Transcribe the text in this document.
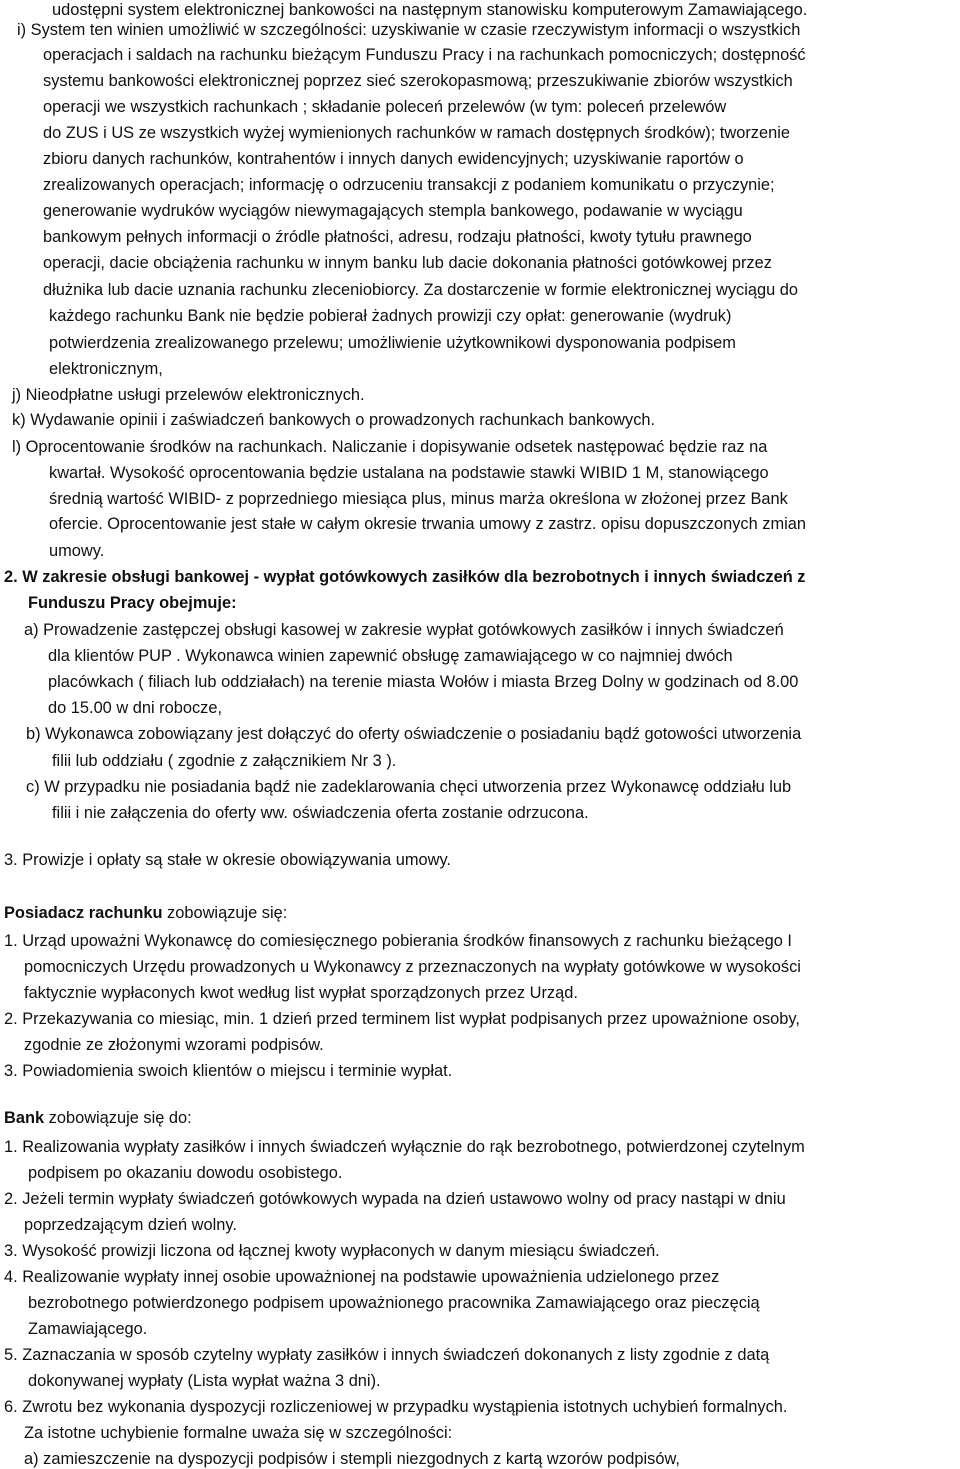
udostępni system elektronicznej bankowości na następnym stanowisku komputerowym Zamawiającego.
i) System ten winien umożliwić w szczególności: uzyskiwanie w czasie rzeczywistym informacji o wszystkich
operacjach i saldach na rachunku bieżącym Funduszu Pracy i na rachunkach pomocniczych; dostępność
systemu bankowości elektronicznej poprzez sieć szerokopasmową; przeszukiwanie zbiorów wszystkich
operacji we wszystkich rachunkach ; składanie poleceń przelewów (w tym: poleceń przelewów
do ZUS i US ze wszystkich wyżej wymienionych rachunków w ramach dostępnych środków); tworzenie
zbioru danych rachunków, kontrahentów i innych danych ewidencyjnych; uzyskiwanie raportów o
zrealizowanych operacjach; informację o odrzuceniu transakcji z podaniem komunikatu o przyczynie;
generowanie wydruków wyciągów niewymagających stempla bankowego, podawanie w wyciągu
bankowym pełnych informacji o źródle płatności, adresu, rodzaju płatności, kwoty tytułu prawnego
operacji, dacie obciążenia rachunku w innym banku lub dacie dokonania płatności gotówkowej przez
dłużnika lub dacie uznania rachunku zleceniobiorcy. Za dostarczenie w formie elektronicznej wyciągu do
każdego rachunku Bank nie będzie pobierał żadnych prowizji czy opłat: generowanie (wydruk)
potwierdzenia zrealizowanego przelewu; umożliwienie użytkownikowi dysponowania podpisem
elektronicznym,
j) Nieodpłatne usługi przelewów elektronicznych.
k) Wydawanie opinii i zaświadczeń bankowych o prowadzonych rachunkach bankowych.
l) Oprocentowanie środków na rachunkach. Naliczanie i dopisywanie odsetek następować będzie raz na
kwartał. Wysokość oprocentowania będzie ustalana na podstawie stawki WIBID 1 M, stanowiącego
średnią wartość WIBID- z poprzedniego miesiąca plus, minus marża określona w złożonej przez Bank
ofercie. Oprocentowanie jest stałe w całym okresie trwania umowy z zastrz. opisu dopuszczonych zmian
umowy.
2. W zakresie obsługi bankowej - wypłat gotówkowych zasiłków dla bezrobotnych i innych świadczeń z
Funduszu Pracy obejmuje:
a) Prowadzenie zastępczej obsługi kasowej w zakresie wypłat gotówkowych zasiłków i innych świadczeń
dla klientów PUP . Wykonawca winien zapewnić obsługę zamawiającego w co najmniej dwóch
placówkach ( filiach lub oddziałach) na terenie miasta Wołów i miasta Brzeg Dolny w godzinach od 8.00
do 15.00 w dni robocze,
b) Wykonawca zobowiązany jest dołączyć do oferty oświadczenie o posiadaniu bądź gotowości utworzenia
filii lub oddziału ( zgodnie z załącznikiem Nr 3 ).
c) W przypadku nie posiadania bądź nie zadeklarowania chęci utworzenia przez Wykonawcę oddziału lub
filii i nie załączenia do oferty ww. oświadczenia oferta zostanie odrzucona.
3. Prowizje i opłaty są stałe w okresie obowiązywania umowy.
Posiadacz rachunku zobowiązuje się:
1. Urząd upoważni Wykonawcę do comiesięcznego pobierania środków finansowych z rachunku bieżącego I
pomocniczych Urzędu prowadzonych u Wykonawcy z przeznaczonych na wypłaty gotówkowe w wysokości
faktycznie wypłaconych kwot według list wypłat sporządzonych przez Urząd.
2. Przekazywania co miesiąc, min. 1 dzień przed terminem list wypłat podpisanych przez upoważnione osoby,
zgodnie ze złożonymi wzorami podpisów.
3. Powiadomienia swoich klientów o miejscu i terminie wypłat.
Bank zobowiązuje się do:
1. Realizowania wypłaty zasiłków i innych świadczeń wyłącznie do rąk bezrobotnego, potwierdzonej czytelnym
podpisem po okazaniu dowodu osobistego.
2. Jeżeli termin wypłaty świadczeń gotówkowych wypada na dzień ustawowo wolny od pracy nastąpi w dniu
poprzedzającym dzień wolny.
3. Wysokość prowizji liczona od łącznej kwoty wypłaconych w danym miesiącu świadczeń.
4. Realizowanie wypłaty innej osobie upoważnionej na podstawie upoważnienia udzielonego przez
bezrobotnego potwierdzonego podpisem upoważnionego pracownika Zamawiającego oraz pieczęcią
Zamawiającego.
5. Zaznaczania w sposób czytelny wypłaty zasiłków i innych świadczeń dokonanych z listy zgodnie z datą
dokonywanej wypłaty (Lista wypłat ważna 3 dni).
6. Zwrotu bez wykonania dyspozycji rozliczeniowej w przypadku wystąpienia istotnych uchybień formalnych.
Za istotne uchybienie formalne uważa się w szczególności:
a) zamieszczenie na dyspozycji podpisów i stempli niezgodnych z kartą wzorów podpisów,
